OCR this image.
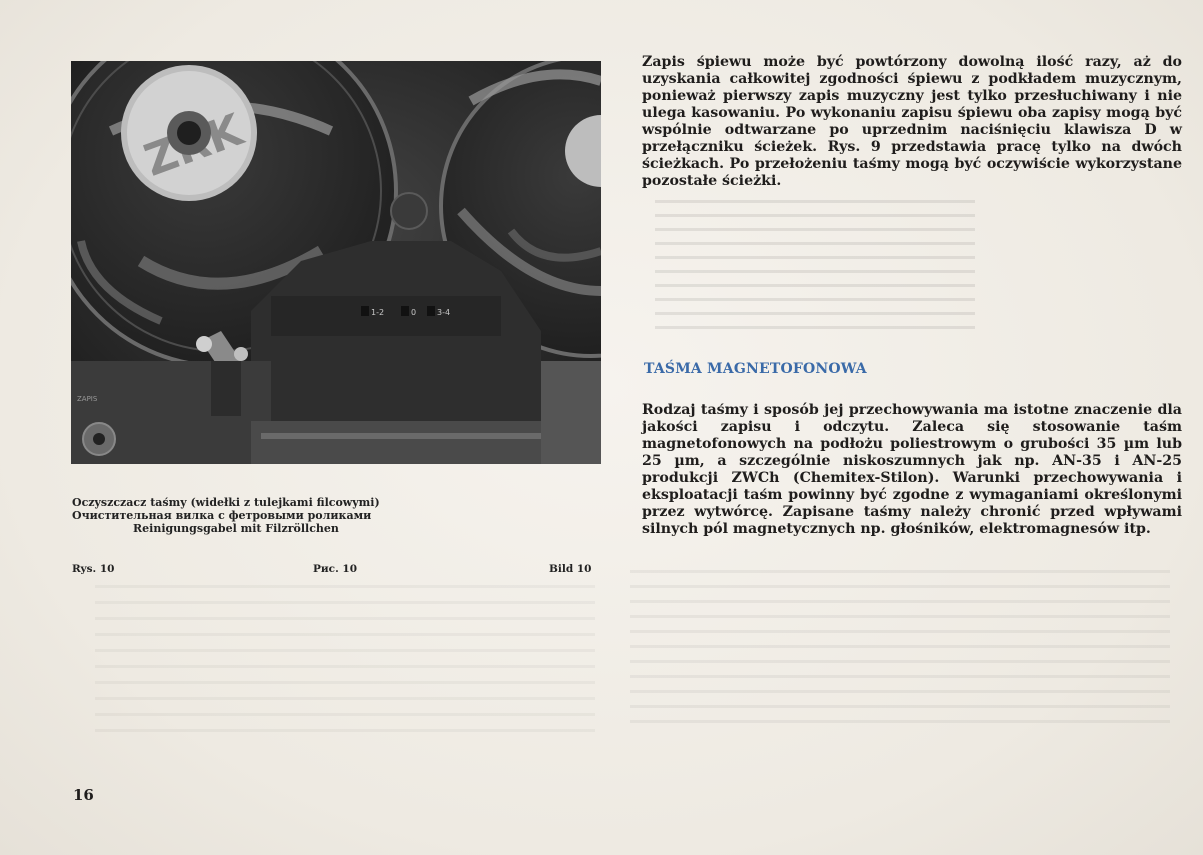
1-2	0	3-4
ZAPIS
Oczyszczacz taśmy (widełki z tulejkami filcowymi)
Очистительная вилка с фетровыми роликами
Reinigungsgabel mit Filzröllchen
Rys. 10	Рис. 10	Bild 10
Zapis śpiewu może być powtórzony dowolną ilość razy, aż do uzyskania całkowitej zgodności śpiewu z podkładem muzycznym, ponieważ pierwszy zapis muzyczny jest tylko przesłuchiwany i nie ulega kasowaniu. Po wykonaniu zapisu śpiewu oba zapisy mogą być wspólnie odtwarzane po uprzednim naciśnięciu klawisza D w przełączniku ścieżek. Rys. 9 przedstawia pracę tylko na dwóch ścieżkach. Po przełożeniu taśmy mogą być oczywiście wykorzystane pozostałe ścieżki.
TAŚMA MAGNETOFONOWA
Rodzaj taśmy i sposób jej przechowywania ma istotne znaczenie dla jakości zapisu i odczytu. Zaleca się stosowanie taśm magnetofonowych na podłożu poliestrowym o grubości 35 µm lub 25 µm, a szczególnie niskoszumnych jak np. AN-35 i AN-25 produkcji ZWCh (Chemitex-Stilon). Warunki przechowywania i eksploatacji taśm powinny być zgodne z wymaganiami określonymi przez wytwórcę. Zapisane taśmy należy chronić przed wpływami silnych pól magnetycznych np. głośników, elektromagnesów itp.
16
